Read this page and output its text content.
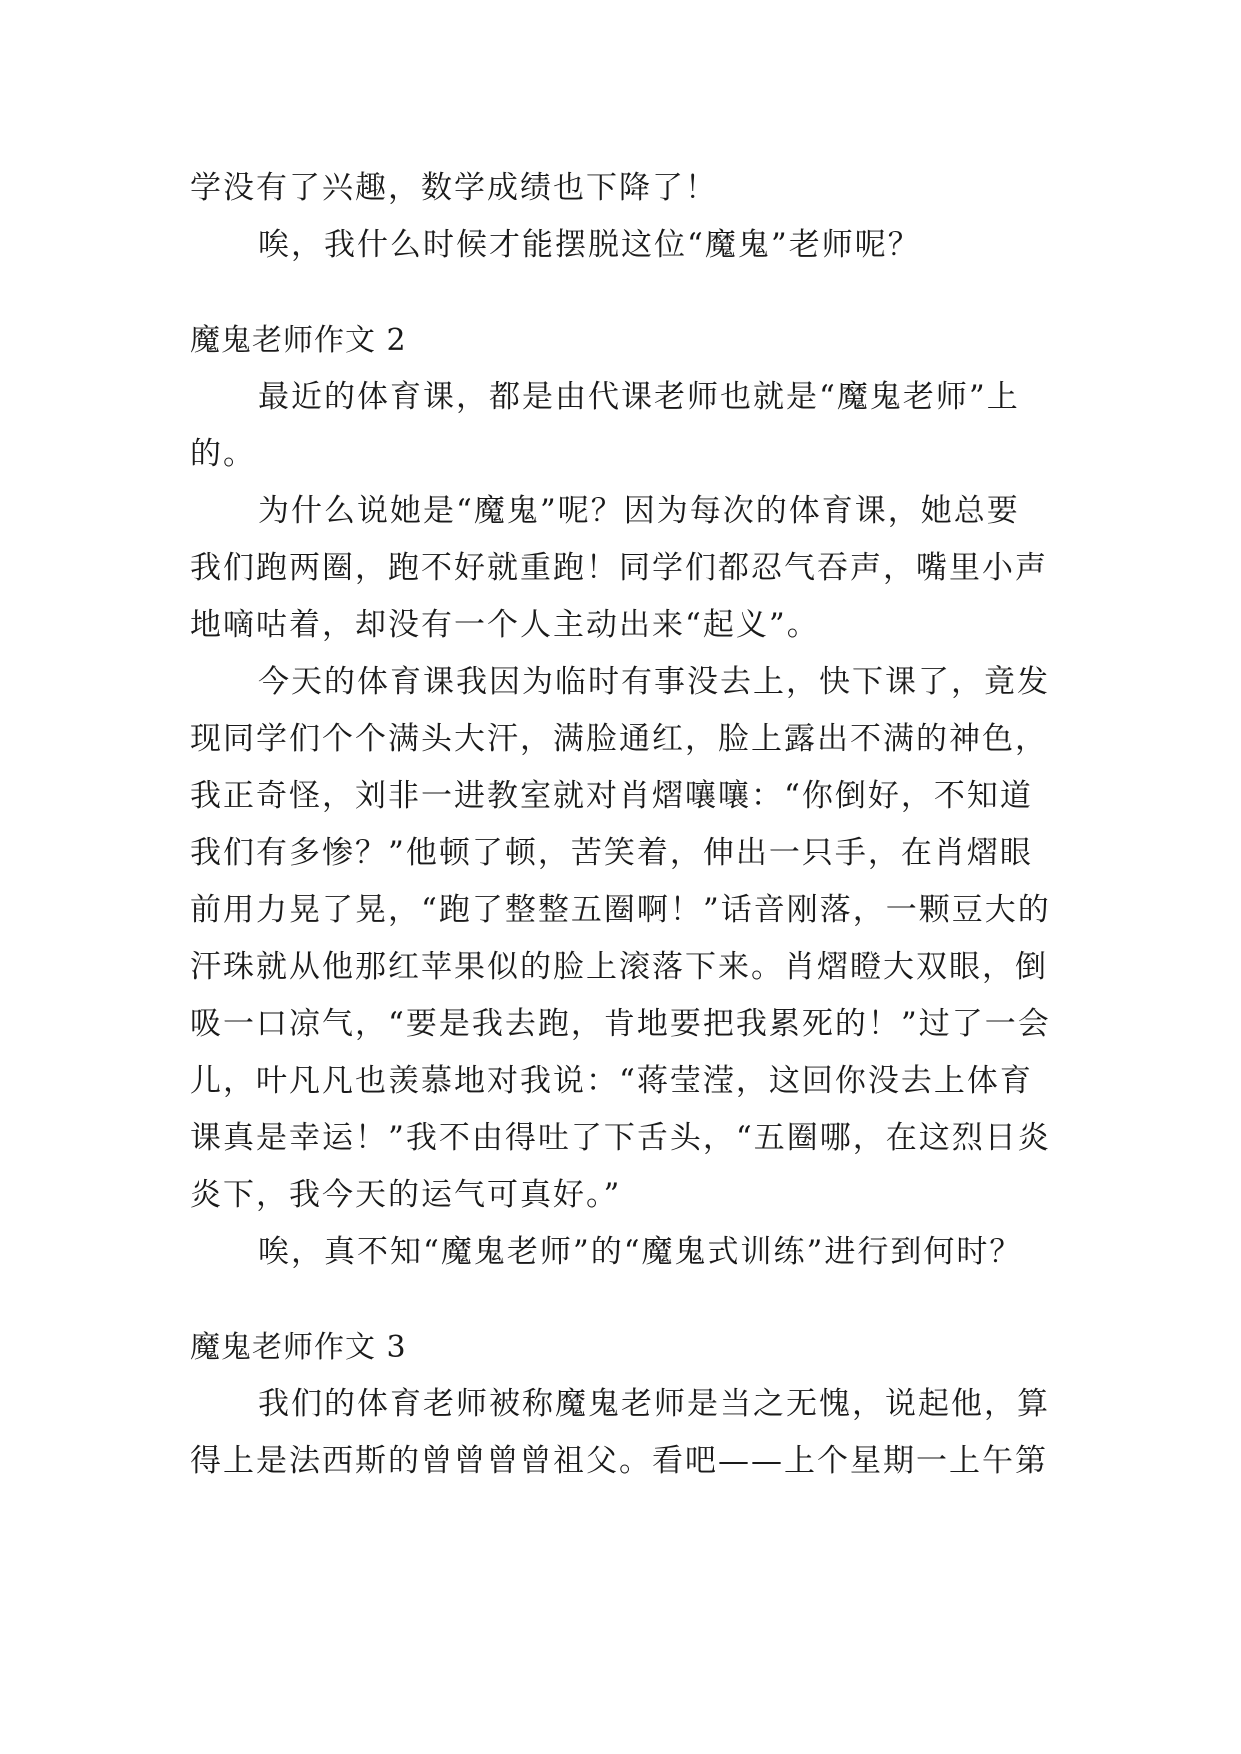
学没有了兴趣，数学成绩也下降了！
唉，我什么时候才能摆脱这位“魔鬼”老师呢？
魔鬼老师作文 2
最近的体育课，都是由代课老师也就是“魔鬼老师”上
的。
为什么说她是“魔鬼”呢？因为每次的体育课，她总要
我们跑两圈，跑不好就重跑！同学们都忍气吞声，嘴里小声
地嘀咕着，却没有一个人主动出来“起义”。
今天的体育课我因为临时有事没去上，快下课了，竟发
现同学们个个满头大汗，满脸通红，脸上露出不满的神色，
我正奇怪，刘非一进教室就对肖熠嚷嚷：“你倒好，不知道
我们有多惨？”他顿了顿，苦笑着，伸出一只手，在肖熠眼
前用力晃了晃，“跑了整整五圈啊！”话音刚落，一颗豆大的
汗珠就从他那红苹果似的脸上滚落下来。肖熠瞪大双眼，倒
吸一口凉气，“要是我去跑，肯地要把我累死的！”过了一会
儿，叶凡凡也羡慕地对我说：“蒋莹滢，这回你没去上体育
课真是幸运！”我不由得吐了下舌头，“五圈哪，在这烈日炎
炎下，我今天的运气可真好。”
唉，真不知“魔鬼老师”的“魔鬼式训练”进行到何时？
魔鬼老师作文 3
我们的体育老师被称魔鬼老师是当之无愧，说起他，算
得上是法西斯的曾曾曾曾祖父。看吧——上个星期一上午第
